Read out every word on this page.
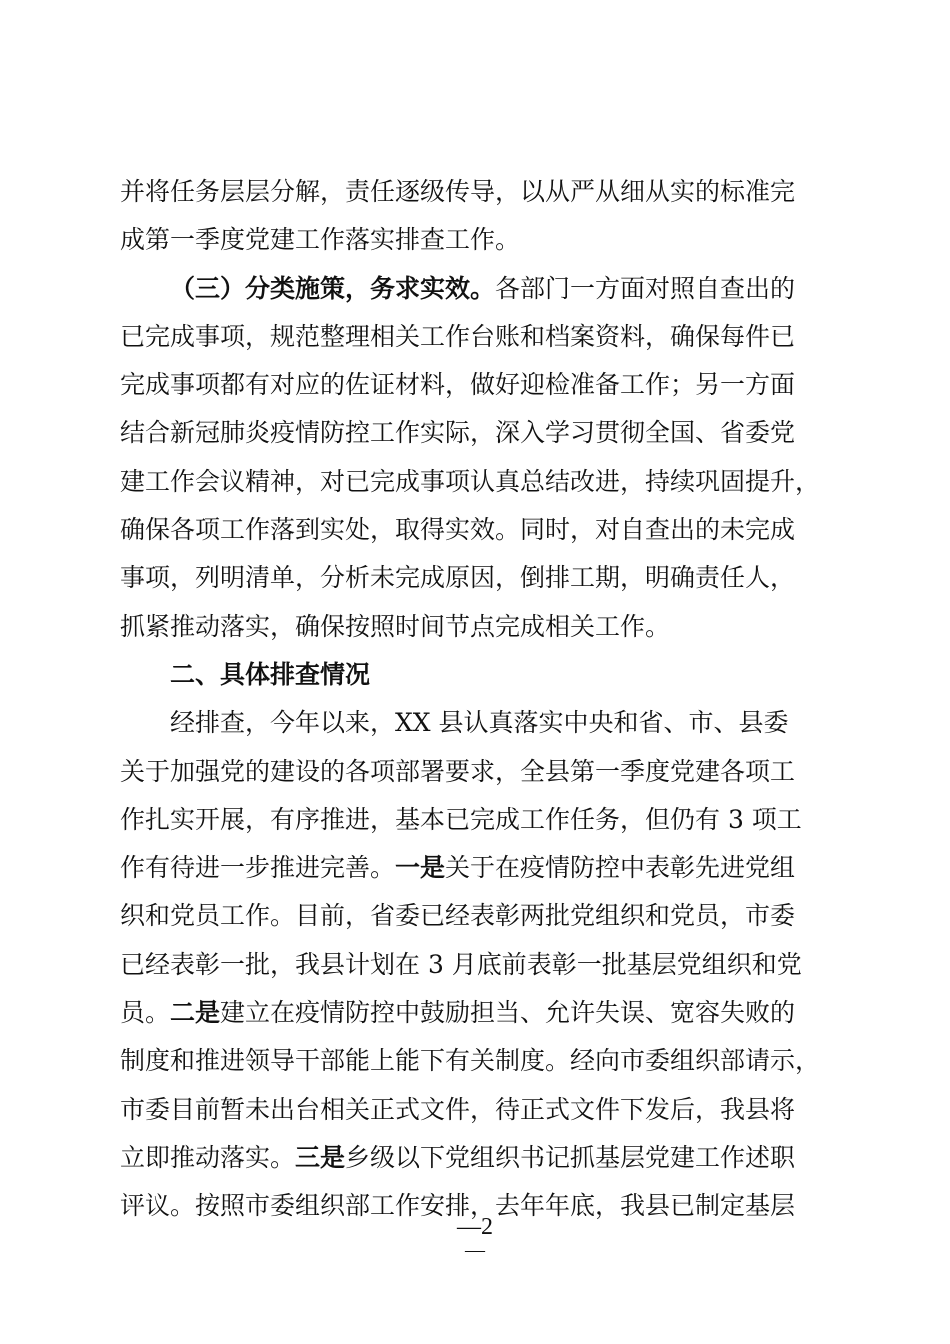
并将任务层层分解，责任逐级传导，以从严从细从实的标准完
成第一季度党建工作落实排查工作。
（三）分类施策，务求实效。各部门一方面对照自查出的
已完成事项，规范整理相关工作台账和档案资料，确保每件已
完成事项都有对应的佐证材料，做好迎检准备工作；另一方面
结合新冠肺炎疫情防控工作实际，深入学习贯彻全国、省委党
建工作会议精神，对已完成事项认真总结改进，持续巩固提升，
确保各项工作落到实处，取得实效。同时，对自查出的未完成
事项，列明清单，分析未完成原因，倒排工期，明确责任人，
抓紧推动落实，确保按照时间节点完成相关工作。
二、具体排查情况
经排查，今年以来，XX 县认真落实中央和省、市、县委
关于加强党的建设的各项部署要求，全县第一季度党建各项工
作扎实开展，有序推进，基本已完成工作任务，但仍有 3 项工
作有待进一步推进完善。一是关于在疫情防控中表彰先进党组
织和党员工作。目前，省委已经表彰两批党组织和党员，市委
已经表彰一批，我县计划在 3 月底前表彰一批基层党组织和党
员。二是建立在疫情防控中鼓励担当、允许失误、宽容失败的
制度和推进领导干部能上能下有关制度。经向市委组织部请示，
市委目前暂未出台相关正式文件，待正式文件下发后，我县将
立即推动落实。三是乡级以下党组织书记抓基层党建工作述职
评议。按照市委组织部工作安排，去年年底，我县已制定基层
—2
—
